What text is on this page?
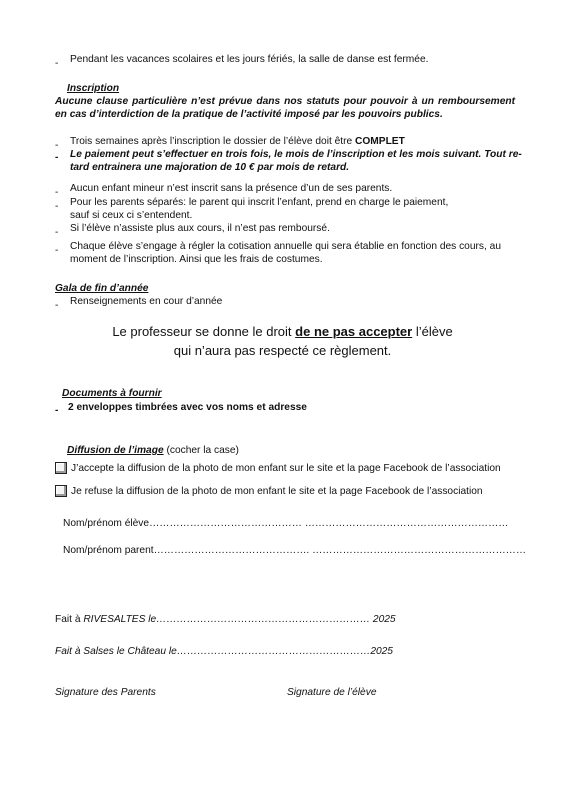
- Pendant les vacances scolaires et les jours fériés, la salle de danse est fermée.
Inscription
Aucune clause particulière n’est prévue dans nos statuts pour pouvoir à un remboursement en cas d’interdiction de la pratique de l’activité imposé par les pouvoirs publics.
- Trois semaines après l’inscription le dossier de l’élève doit être COMPLET
- Le paiement peut s’effectuer en trois fois, le mois de l’inscription et les mois suivant. Tout re-
tard entrainera une majoration de 10 € par mois de retard.
- Aucun enfant mineur n’est inscrit sans la présence d’un de ses parents.
- Pour les parents séparés: le parent qui inscrit l’enfant, prend en charge le paiement,
sauf si ceux ci s’entendent.
- Si l’élève n’assiste plus aux cours, il n’est pas remboursé.
- Chaque élève s’engage à régler la cotisation annuelle qui sera établie en fonction des cours, au
moment de l’inscription. Ainsi que les frais de costumes.
Gala de fin d’année
- Renseignements en cour d’année
Le professeur se donne le droit de ne pas accepter l’élève
qui n’aura pas respecté ce règlement.
Documents à fournir
- 2 enveloppes timbrées avec vos noms et adresse
Diffusion de l’image (cocher la case)
J’accepte la diffusion de la photo de mon enfant sur le site et la page Facebook de l’association
Je refuse la diffusion de la photo de mon enfant le site et la page Facebook de l’association
Nom/prénom élève……………………………………… ……………………………………………………
Nom/prénom parent………………………………………. ………………………………………………………
Fait à RIVESALTES le……………………………………………………… 2025
Fait à Salses le Château le…………………………………………………2025
Signature des Parents	Signature de l’élève
